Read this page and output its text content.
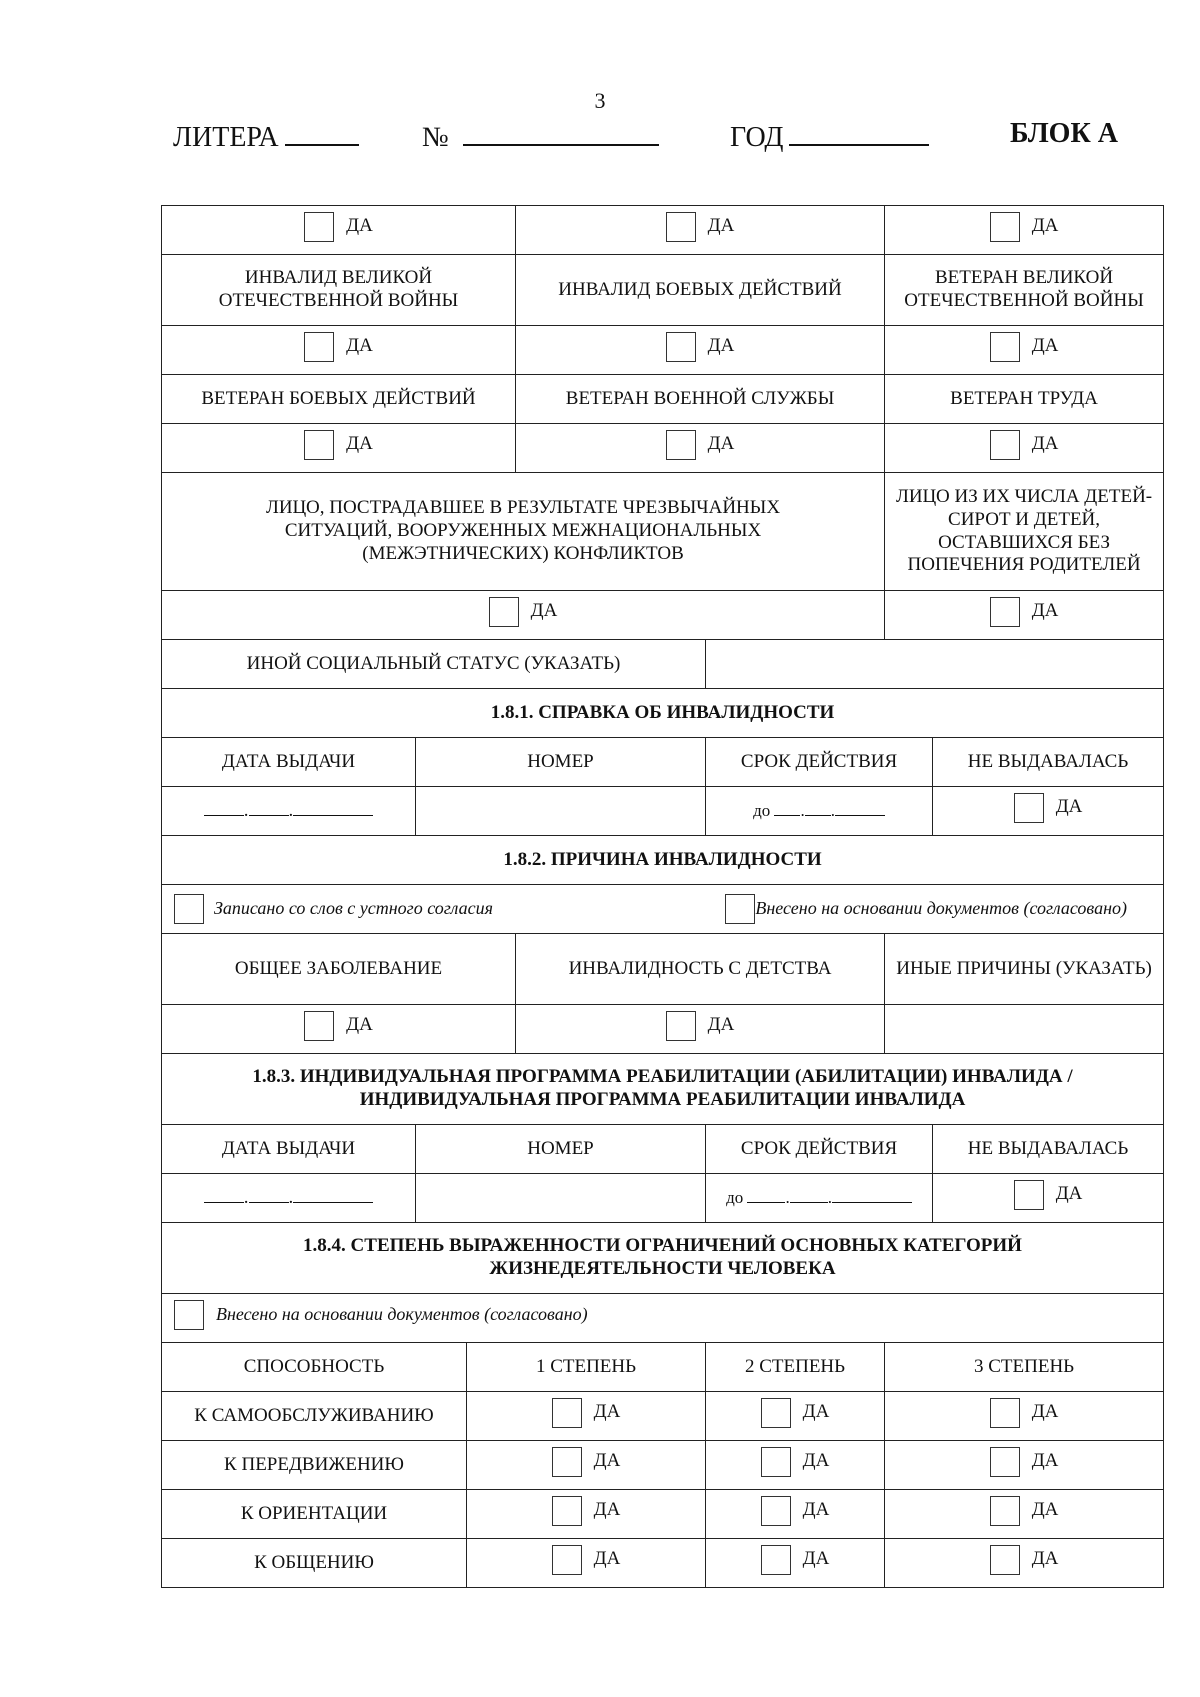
3
ЛИТЕРА	№	ГОД	БЛОК А
ДА			ДА		ДА	

ИНВАЛИД ВЕЛИКОЙ ОТЕЧЕСТВЕННОЙ ВОЙНЫ			ИНВАЛИД БОЕВЫХ ДЕЙСТВИЙ		ВЕТЕРАН ВЕЛИКОЙ ОТЕЧЕСТВЕННОЙ ВОЙНЫ	

ДА			ДА		ДА	

ВЕТЕРАН БОЕВЫХ ДЕЙСТВИЙ			ВЕТЕРАН ВОЕННОЙ СЛУЖБЫ		ВЕТЕРАН ТРУДА	

ДА			ДА		ДА	

ЛИЦО, ПОСТРАДАВШЕЕ В РЕЗУЛЬТАТЕ ЧРЕЗВЫЧАЙНЫХ СИТУАЦИЙ, ВООРУЖЕННЫХ МЕЖНАЦИОНАЛЬНЫХ (МЕЖЭТНИЧЕСКИХ) КОНФЛИКТОВ					ЛИЦО ИЗ ИХ ЧИСЛА ДЕТЕЙ-СИРОТ И ДЕТЕЙ, ОСТАВШИХСЯ БЕЗ ПОПЕЧЕНИЯ РОДИТЕЛЕЙ	

ДА					ДА	

ИНОЙ СОЦИАЛЬНЫЙ СТАТУС (УКАЗАТЬ)						
1.8.1. СПРАВКА ОБ ИНВАЛИДНОСТИ						
ДАТА ВЫДАЧИ	НОМЕР			СРОК ДЕЙСТВИЯ		НЕ ВЫДАВАЛАСЬ
. .				до . .		ДА

1.8.2. ПРИЧИНА ИНВАЛИДНОСТИ						

Записано со слов с устного согласия Внесено на основании документов (согласовано)						

ОБЩЕЕ ЗАБОЛЕВАНИЕ			ИНВАЛИДНОСТЬ С ДЕТСТВА		ИНЫЕ ПРИЧИНЫ (УКАЗАТЬ)	

ДА			ДА			

1.8.3. ИНДИВИДУАЛЬНАЯ ПРОГРАММА РЕАБИЛИТАЦИИ (АБИЛИТАЦИИ) ИНВАЛИДА / ИНДИВИДУАЛЬНАЯ ПРОГРАММА РЕАБИЛИТАЦИИ ИНВАЛИДА						
ДАТА ВЫДАЧИ	НОМЕР			СРОК ДЕЙСТВИЯ		НЕ ВЫДАВАЛАСЬ
. .				до . .		ДА

1.8.4. СТЕПЕНЬ ВЫРАЖЕННОСТИ ОГРАНИЧЕНИЙ ОСНОВНЫХ КАТЕГОРИЙ ЖИЗНЕДЕЯТЕЛЬНОСТИ ЧЕЛОВЕКА						

Внесено на основании документов (согласовано)						

СПОСОБНОСТЬ		1 СТЕПЕНЬ		2 СТЕПЕНЬ	3 СТЕПЕНЬ	
К САМООБСЛУЖИВАНИЮ		ДА		ДА	ДА	

К ПЕРЕДВИЖЕНИЮ		ДА		ДА	ДА	

К ОРИЕНТАЦИИ		ДА		ДА	ДА	

К ОБЩЕНИЮ		ДА		ДА	ДА	
